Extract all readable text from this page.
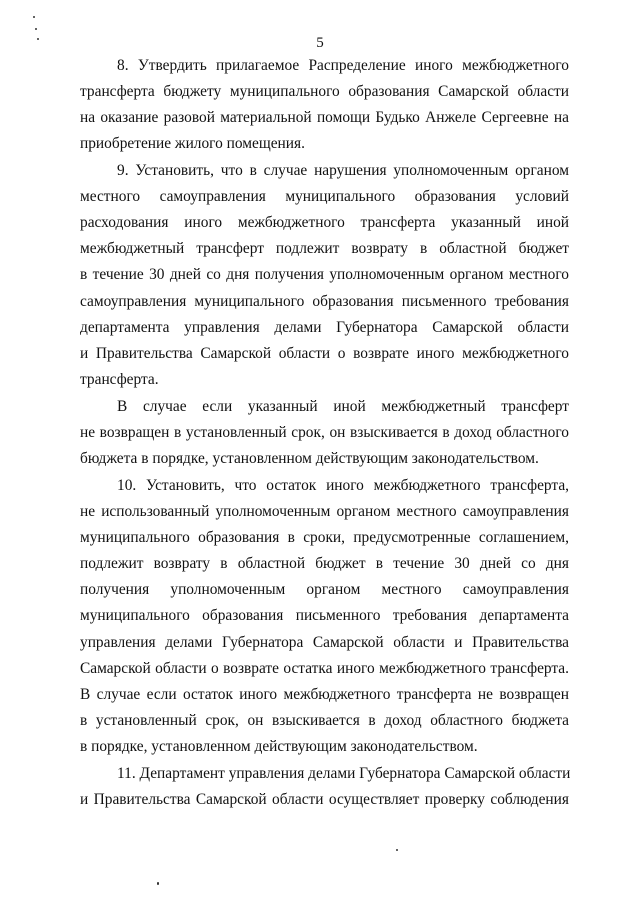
5
8. Утвердить прилагаемое Распределение иного межбюджетного
трансферта бюджету муниципального образования Самарской области
на оказание разовой материальной помощи Будько Анжеле Сергеевне на
приобретение жилого помещения.
9. Установить, что в случае нарушения уполномоченным органом
местного самоуправления муниципального образования условий
расходования иного межбюджетного трансферта указанный иной
межбюджетный трансферт подлежит возврату в областной бюджет
в течение 30 дней со дня получения уполномоченным органом местного
самоуправления муниципального образования письменного требования
департамента управления делами Губернатора Самарской области
и Правительства Самарской области о возврате иного межбюджетного
трансферта.
В случае если указанный иной межбюджетный трансферт
не возвращен в установленный срок, он взыскивается в доход областного
бюджета в порядке, установленном действующим законодательством.
10. Установить, что остаток иного межбюджетного трансферта,
не использованный уполномоченным органом местного самоуправления
муниципального образования в сроки, предусмотренные соглашением,
подлежит возврату в областной бюджет в течение 30 дней со дня
получения уполномоченным органом местного самоуправления
муниципального образования письменного требования департамента
управления делами Губернатора Самарской области и Правительства
Самарской области о возврате остатка иного межбюджетного трансферта.
В случае если остаток иного межбюджетного трансферта не возвращен
в установленный срок, он взыскивается в доход областного бюджета
в порядке, установленном действующим законодательством.
11. Департамент управления делами Губернатора Самарской области
и Правительства Самарской области осуществляет проверку соблюдения
